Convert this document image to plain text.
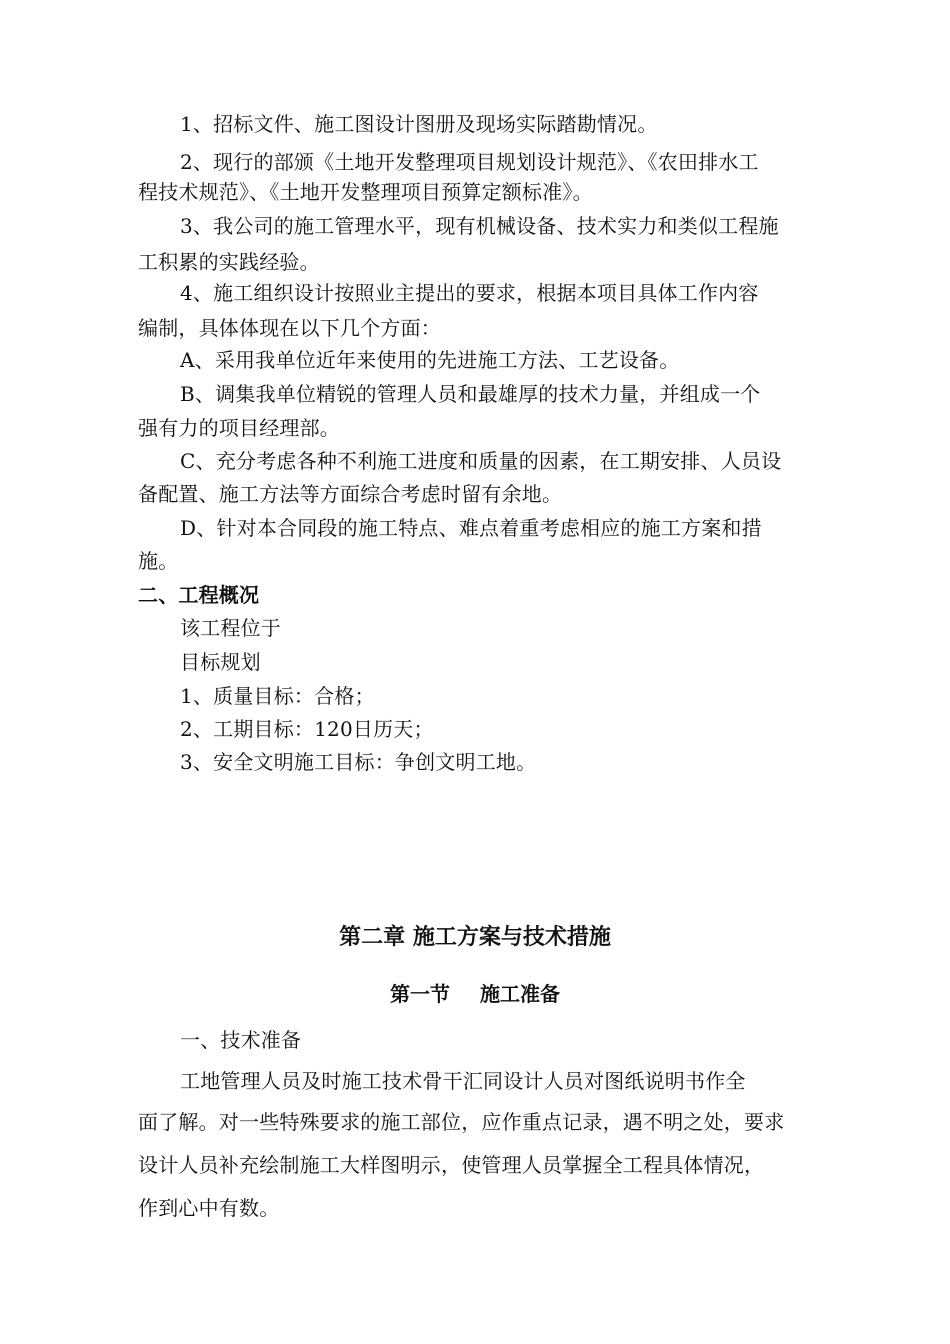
1、招标文件、施工图设计图册及现场实际踏勘情况。
2、现行的部颁《土地开发整理项目规划设计规范》、《农田排水工
程技术规范》、《土地开发整理项目预算定额标准》。
3、我公司的施工管理水平，现有机械设备、技术实力和类似工程施
工积累的实践经验。
4、施工组织设计按照业主提出的要求，根据本项目具体工作内容
编制，具体体现在以下几个方面：
A、采用我单位近年来使用的先进施工方法、工艺设备。
B、调集我单位精锐的管理人员和最雄厚的技术力量，并组成一个
强有力的项目经理部。
C、充分考虑各种不利施工进度和质量的因素，在工期安排、人员设
备配置、施工方法等方面综合考虑时留有余地。
D、针对本合同段的施工特点、难点着重考虑相应的施工方案和措
施。
二、工程概况
该工程位于
目标规划
1、质量目标：合格；
2、工期目标：120日历天；
3、安全文明施工目标：争创文明工地。
第二章 施工方案与技术措施
第一节 施工准备
一、技术准备
工地管理人员及时施工技术骨干汇同设计人员对图纸说明书作全
面了解。对一些特殊要求的施工部位，应作重点记录，遇不明之处，要求
设计人员补充绘制施工大样图明示，使管理人员掌握全工程具体情况，
作到心中有数。
